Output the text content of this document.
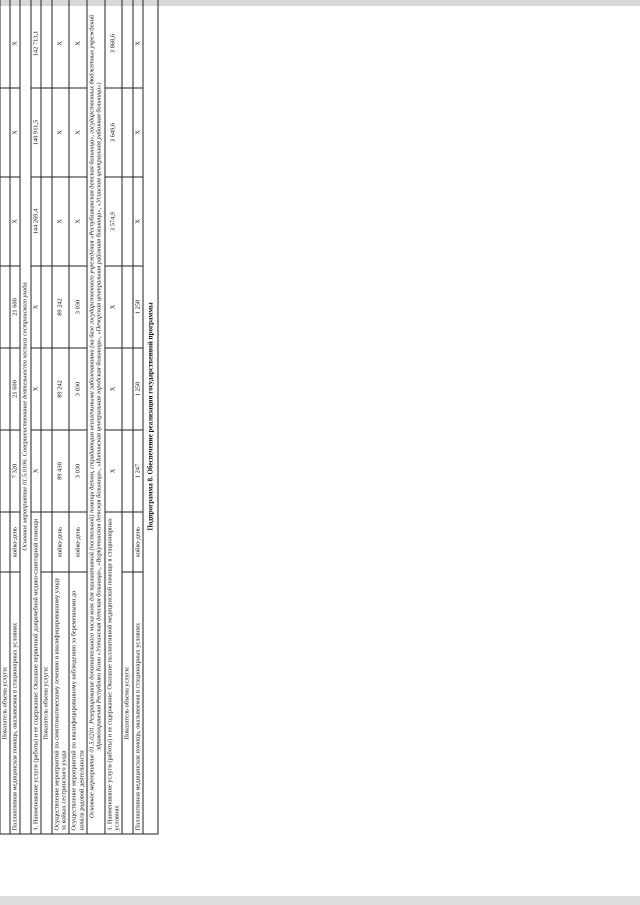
Показатель объема услуги:							
Паллиативная медицинская помощь, оказываемая в стационарных условиях	койко-день	7 320	21 600	21 600	X	X	X
Основное мероприятие 01.5.0106. Совершенствование деятельности хосписа сестринского ухода							
1. Наименование услуги (работы) и ее содержание: Оказание первичной доврачебной медико-санитарной помощи		X	X	X	144 269,4	140 911,5	142 713,1
Показатель объема услуги:							
Осуществление мероприятий по симптоматическому лечению и квалифицированному уходу за койках сестринского ухода	койко-день	89 430	89 242	89 242	X	X	X
Осуществление мероприятий по квалифицированному наблюдению за беременными до начала родовой деятельности	койко-день	3 030	3 030	3 030	X	X	X
Основное мероприятие 01.5.0201. Резервирование дополнительного числа коек для паллиативной (постельной) помощи детям, страдающим неизлечимыми заболеваниями (на базе государственного учреждения «Республиканская детская больница», государственных бюджетных учреждений здравоохранения Республики Коми «Ухтинская детская больница», «Воркутинская детская больница», «Интинская центральная городская больница», «Печорская центральная районная больница», «Усинская центральная районная больница»)							
1. Наименование услуги (работы) и ее содержание: Оказание паллиативной медицинской помощи в стационарных условиях		X	X	X	3 574,9	3 649,6	3 868,6
Показатель объема услуги:							
Паллиативная медицинская помощь, оказываемая в стационарных условиях	койко-день	1 247	1 258	1 258	X	X	X
Подпрограмма 8. Обеспечение реализации государственной программы							
